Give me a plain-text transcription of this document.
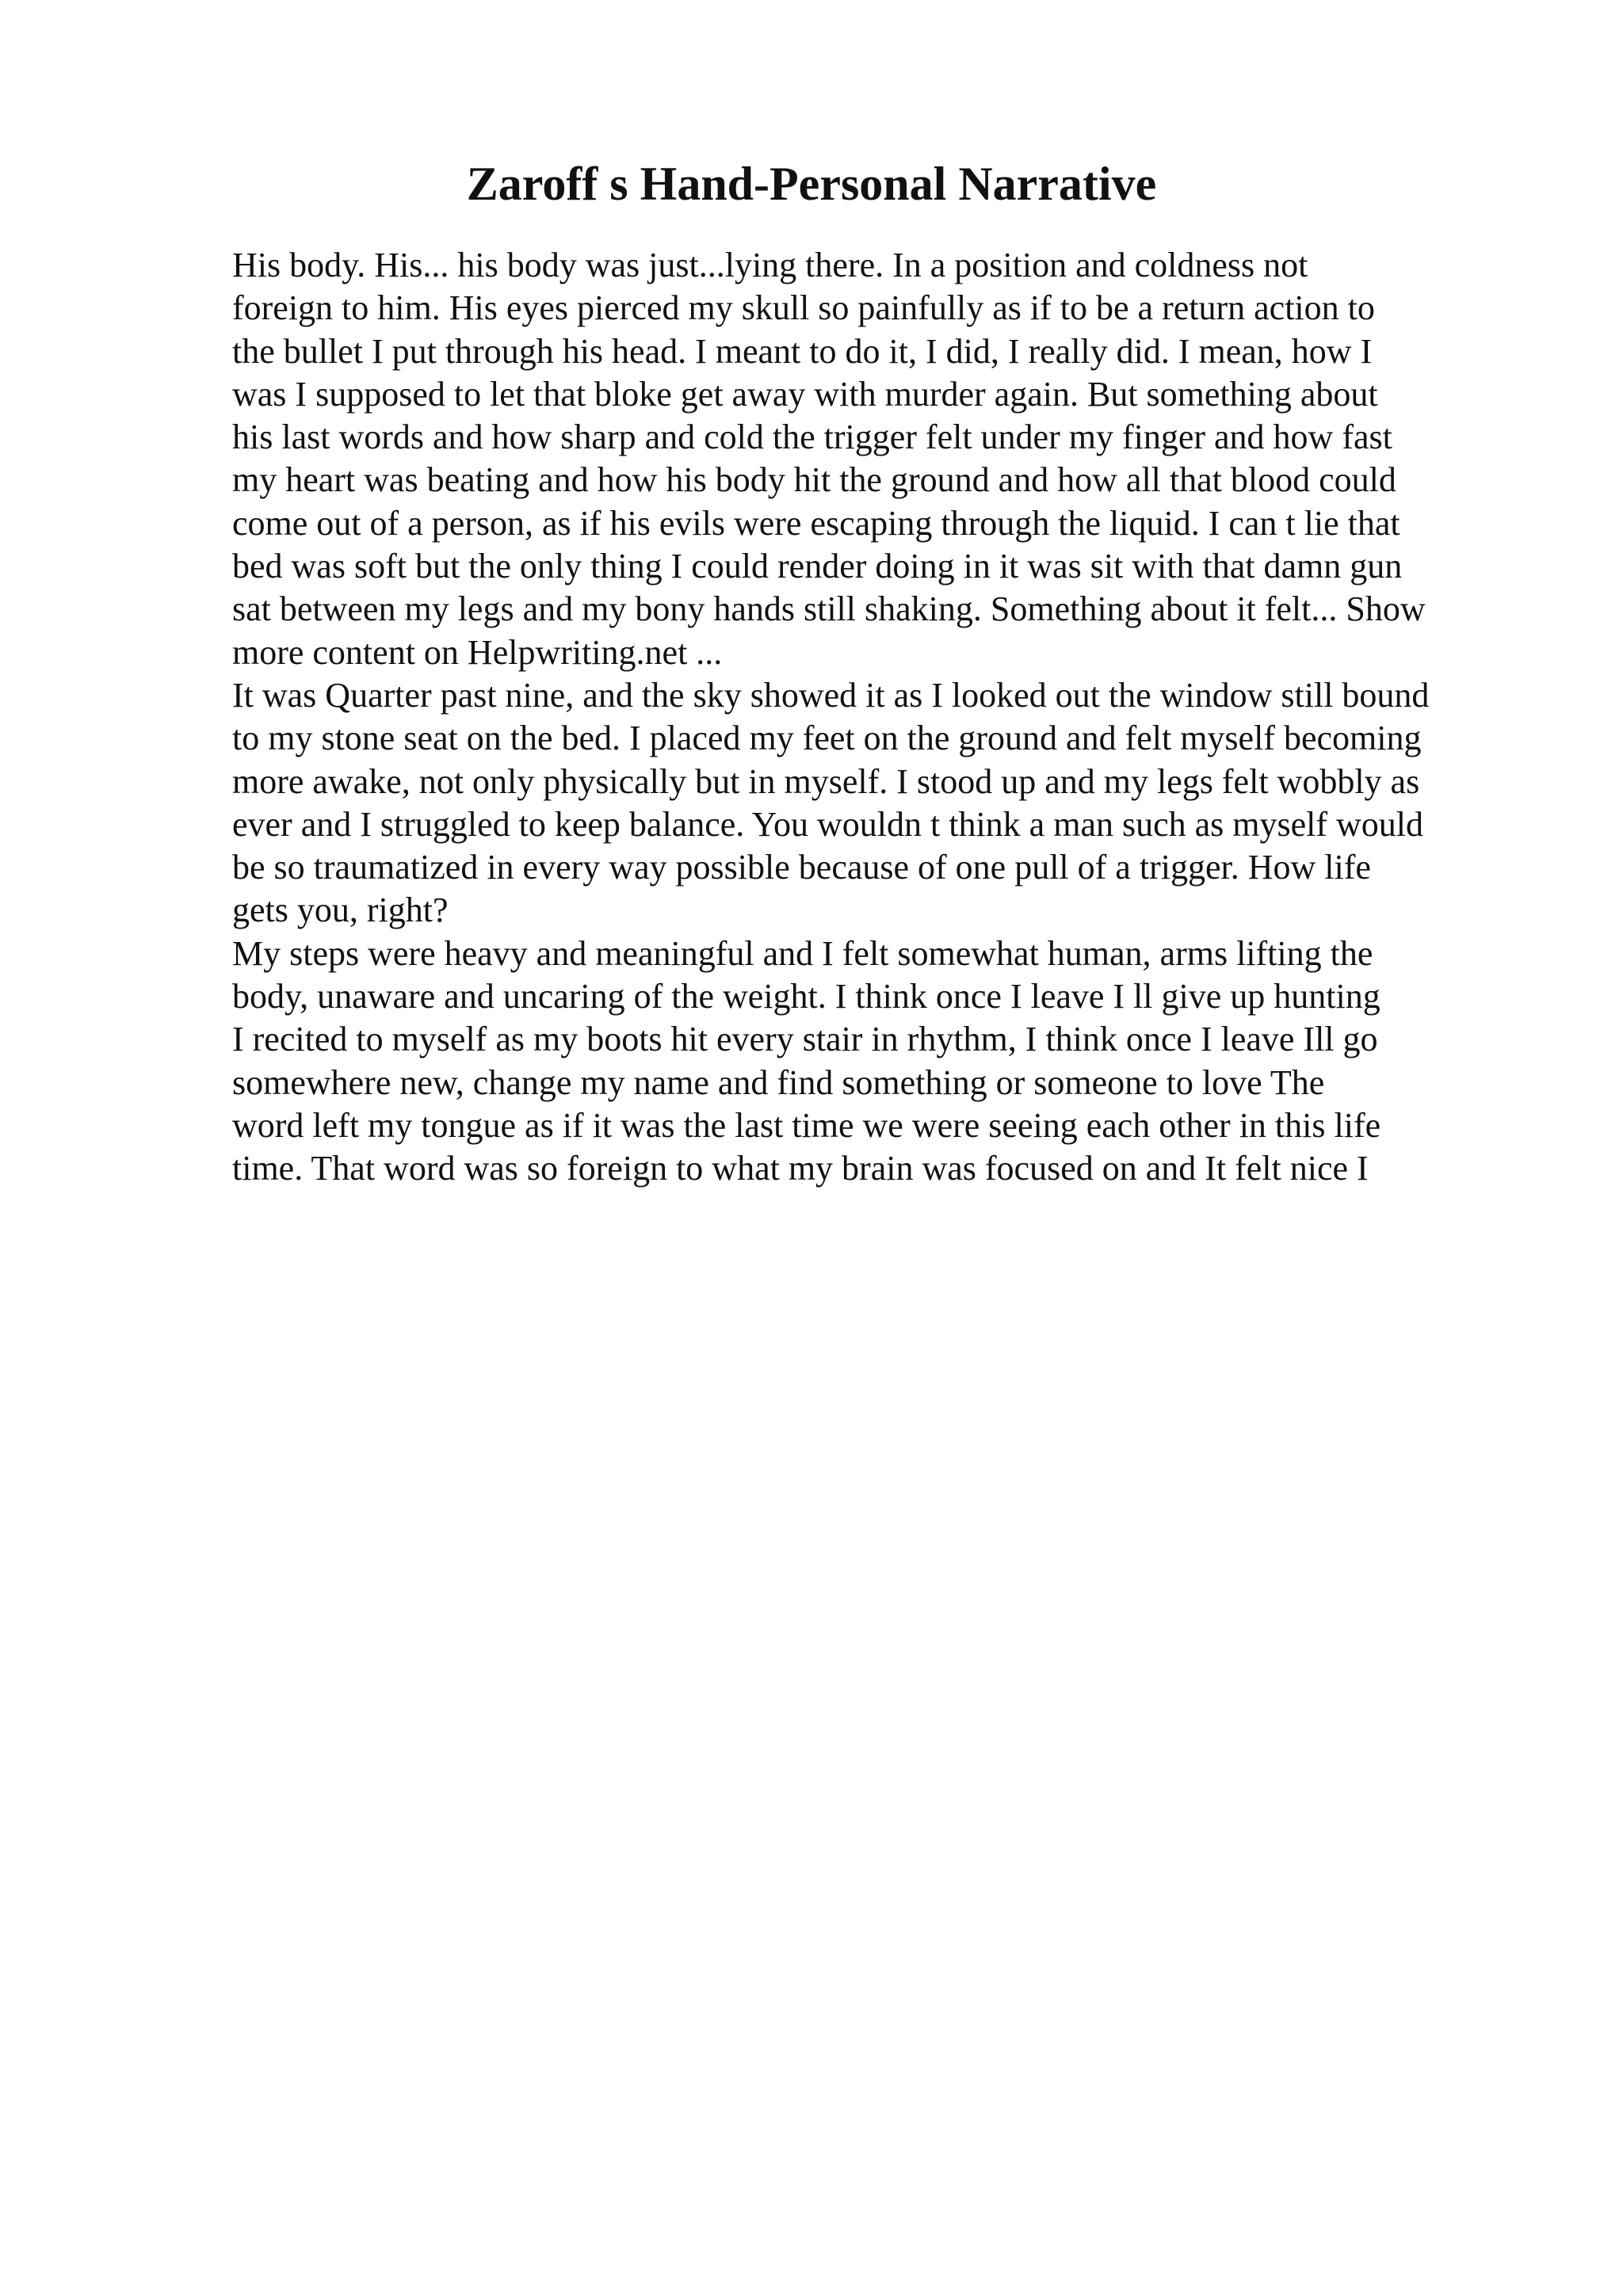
Zaroff s Hand-Personal Narrative
His body. His... his body was just...lying there. In a position and coldness not
foreign to him. His eyes pierced my skull so painfully as if to be a return action to
the bullet I put through his head. I meant to do it, I did, I really did. I mean, how I
was I supposed to let that bloke get away with murder again. But something about
his last words and how sharp and cold the trigger felt under my finger and how fast
my heart was beating and how his body hit the ground and how all that blood could
come out of a person, as if his evils were escaping through the liquid. I can t lie that
bed was soft but the only thing I could render doing in it was sit with that damn gun
sat between my legs and my bony hands still shaking. Something about it felt... Show
more content on Helpwriting.net ...
It was Quarter past nine, and the sky showed it as I looked out the window still bound
to my stone seat on the bed. I placed my feet on the ground and felt myself becoming
more awake, not only physically but in myself. I stood up and my legs felt wobbly as
ever and I struggled to keep balance. You wouldn t think a man such as myself would
be so traumatized in every way possible because of one pull of a trigger. How life
gets you, right?
My steps were heavy and meaningful and I felt somewhat human, arms lifting the
body, unaware and uncaring of the weight. I think once I leave I ll give up hunting
I recited to myself as my boots hit every stair in rhythm, I think once I leave Ill go
somewhere new, change my name and find something or someone to love The
word left my tongue as if it was the last time we were seeing each other in this life
time. That word was so foreign to what my brain was focused on and It felt nice I
